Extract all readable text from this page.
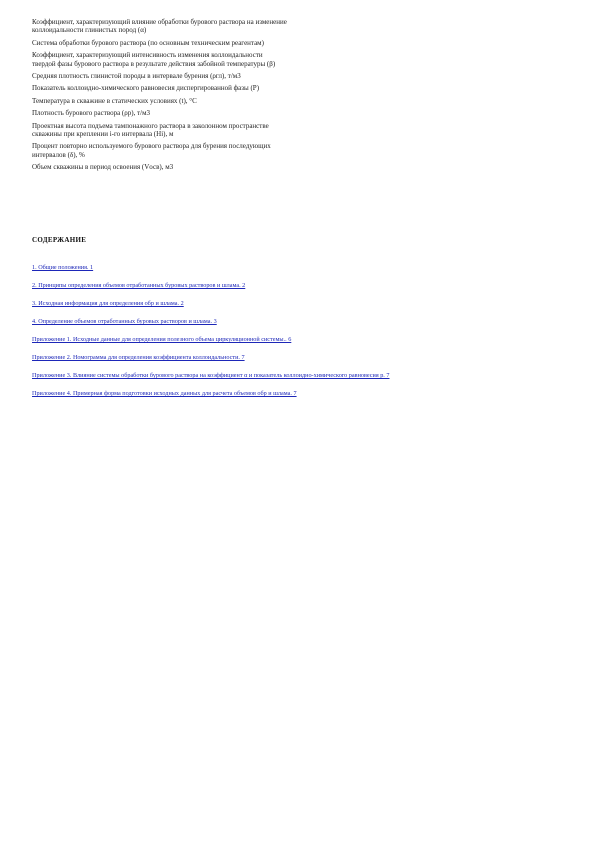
Коэффициент, характеризующий влияние обработки бурового раствора на изменение коллоидальности глинистых пород (α)

Система обработки бурового раствора (по основным техническим реагентам)

Коэффициент, характеризующий интенсивность изменения коллоидальности твердой фазы бурового раствора в результате действия забойной температуры (β)

Средняя плотность глинистой породы в интервале бурения (ρгл), т/м3

Показатель коллоидно-химического равновесия диспергированной фазы (P)

Температура в скважине в статических условиях (t), °С

Плотность бурового раствора (ρр), т/м3

Проектная высота подъема тампонажного раствора в заколонном пространстве скважины при креплении i-го интервала (Hi), м

Процент повторно используемого бурового раствора для бурения последующих интервалов (δ), %

Объем скважины в период освоения (Vосв), м3

СОДЕРЖАНИЕ

1. Общие положения. 1
2. Принципы определения объемов отработанных буровых растворов и шлама. 2
3. Исходная информация для определения обр и шлама. 2
4. Определение объемов отработанных буровых растворов и шлама. 3
Приложение 1. Исходные данные для определения полезного объема циркуляционной системы.. 6
Приложение 2. Номограмма для определения коэффициента коллоидальности. 7
Приложение 3. Влияние системы обработки бурового раствора на коэффициент α и показатель коллоидно-химического равновесия р. 7
Приложение 4. Примерная форма подготовки исходных данных для расчета объемов обр и шлама. 7
